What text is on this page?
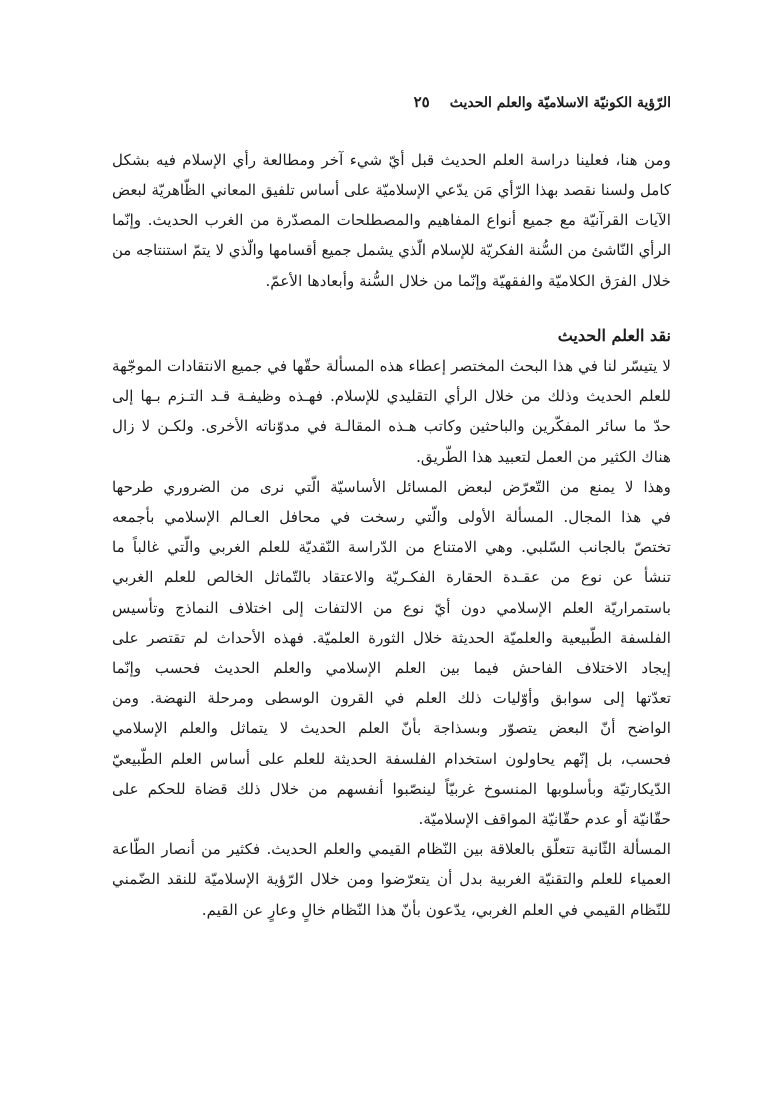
الرّؤية الكونيّة الاسلاميّة والعلم الحديث
٢٥

ومن هنا، فعلينا دراسة العلم الحديث قبل أيّ شيء آخر ومطالعة رأي الإسلام فيه بشكل
كامل ولسنا نقصد بهذا الرّأي مَن يدّعي الإسلاميّة على أساس تلفيق المعاني الظّاهريّة لبعض
الآيات القرآنيّة مع جميع أنواع المفاهيم والمصطلحات المصدّرة من الغرب الحديث. وإنّما
الرأي النّاشئ من السُّنة الفكريّة للإسلام الّذي يشمل جميع أقسامها والّذي لا يتمّ استنتاجه من
خلال الفرَق الكلاميّة والفقهيّة وإنّما من خلال السُّنة وأبعادها الأعمّ.

نقد العلم الحديث

لا يتيسّر لنا في هذا البحث المختصر إعطاء هذه المسألة حقّها في جميع الانتقادات الموجّهة
للعلم الحديث وذلك من خلال الرأي التقليدي للإسلام. فهـذه وظيفـة قـد التـزم بـها إلى
حدّ ما سائر المفكّرين والباحثين وكاتب هـذه المقالـة في مدوّناته الأخرى. ولكـن لا زال
هناك الكثير من العمل لتعبيد هذا الطّريق.

وهذا لا يمنع من التّعرّض لبعض المسائل الأساسيّة الّتي نرى من الضروري طرحها
في هذا المجال. المسألة الأولى والّتي رسخت في محافل العـالم الإسلامي بأجمعه
تختصّ بالجانب السّلبي. وهي الامتناع من الدّراسة النّقديّة للعلم الغربي والّتي غالباً ما
تنشأ عن نوع من عقـدة الحقارة الفكـريّة والاعتقاد بالتّماثل الخالص للعلم الغربي
باستمراريّة العلم الإسلامي دون أيّ نوع من الالتفات إلى اختلاف النماذج وتأسيس
الفلسفة الطّبيعية والعلميّة الحديثة خلال الثورة العلميّة. فهذه الأحداث لم تقتصر على
إيجاد الاختلاف الفاحش فيما بين العلم الإسلامي والعلم الحديث فحسب وإنّما
تعدّتها إلى سوابق وأوّليات ذلك العلم في القرون الوسطى ومرحلة النهضة. ومن
الواضح أنّ البعض يتصوّر وبسذاجة بأنّ العلم الحديث لا يتماثل والعلم الإسلامي
فحسب، بل إنّهم يحاولون استخدام الفلسفة الحديثة للعلم على أساس العلم الطّبيعيّ
الدّيكارتيّة وبأسلوبها المنسوخ غربيّاً لينصّبوا أنفسهم من خلال ذلك قضاة للحكم على
حقّانيّة أو عدم حقّانيّة المواقف الإسلاميّة.

المسألة الثّانية تتعلّق بالعلاقة بين النّظام القيمي والعلم الحديث. فكثير من أنصار الطّاعة
العمياء للعلم والتقنيّة الغربية بدل أن يتعرّضوا ومن خلال الرّؤية الإسلاميّة للنقد الضّمني
للنّظام القيمي في العلم الغربي، يدّعون بأنّ هذا النّظام خالٍ وعارٍ عن القيم.
